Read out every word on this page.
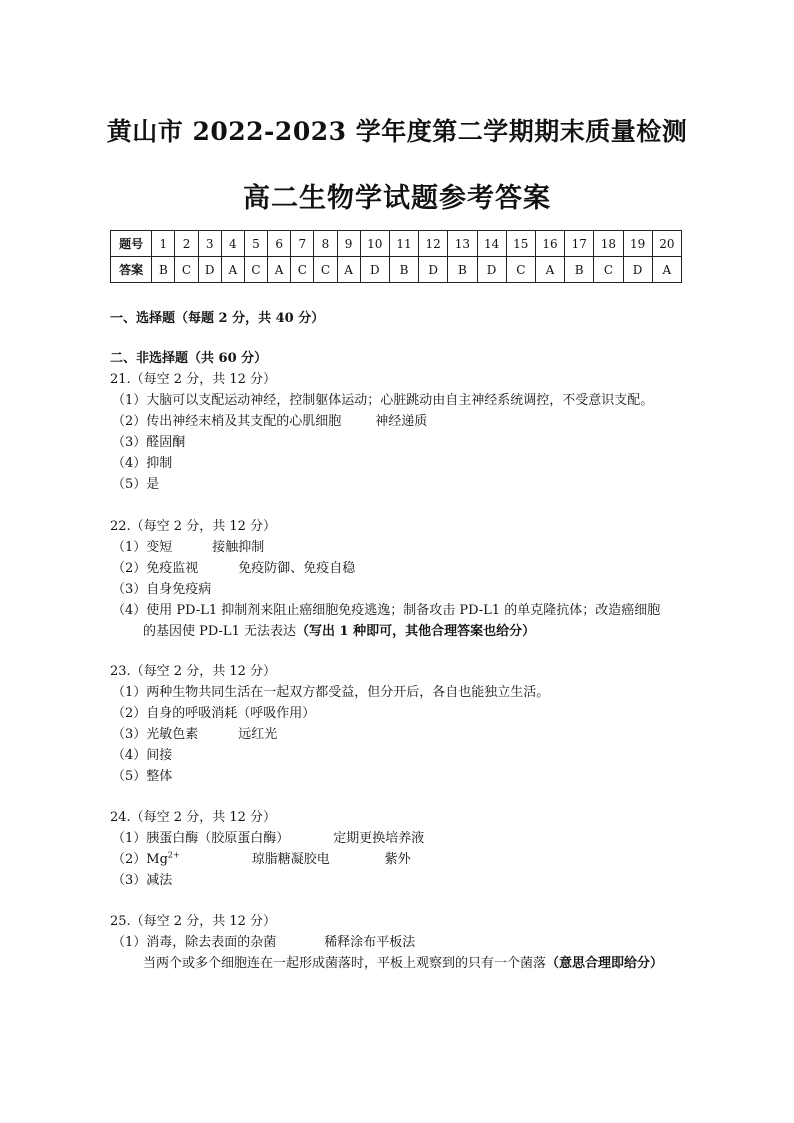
黄山市 2022-2023 学年度第二学期期末质量检测
高二生物学试题参考答案
题号	1	2	3	4	5	6	7	8	9	10	11	12	13	14	15	16	17	18	19	20
答案	B	C	D	A	C	A	C	C	A	D	B	D	B	D	C	A	B	C	D	A
一、选择题（每题 2 分，共 40 分）
二、非选择题（共 60 分）
21.（每空 2 分，共 12 分）
（1）大脑可以支配运动神经，控制躯体运动；心脏跳动由自主神经系统调控，不受意识支配。
（2）传出神经末梢及其支配的心肌细胞	神经递质
（3）醛固酮
（4）抑制
（5）是
22.（每空 2 分，共 12 分）
（1）变短	接触抑制
（2）免疫监视	免疫防御、免疫自稳
（3）自身免疫病
（4）使用 PD-L1 抑制剂来阻止癌细胞免疫逃逸；制备攻击 PD-L1 的单克隆抗体；改造癌细胞
的基因使 PD-L1 无法表达（写出 1 种即可，其他合理答案也给分）
23.（每空 2 分，共 12 分）
（1）两种生物共同生活在一起双方都受益，但分开后，各自也能独立生活。
（2）自身的呼吸消耗（呼吸作用）
（3）光敏色素	远红光
（4）间接
（5）整体
24.（每空 2 分，共 12 分）
（1）胰蛋白酶（胶原蛋白酶）	定期更换培养液
$(2)Mg^{2+}$	琼脂糖凝胶电	紫外
（3）减法
25.（每空 2 分，共 12 分）
（1）消毒，除去表面的杂菌	稀释涂布平板法
当两个或多个细胞连在一起形成菌落时，平板上观察到的只有一个菌落（意思合理即给分）
